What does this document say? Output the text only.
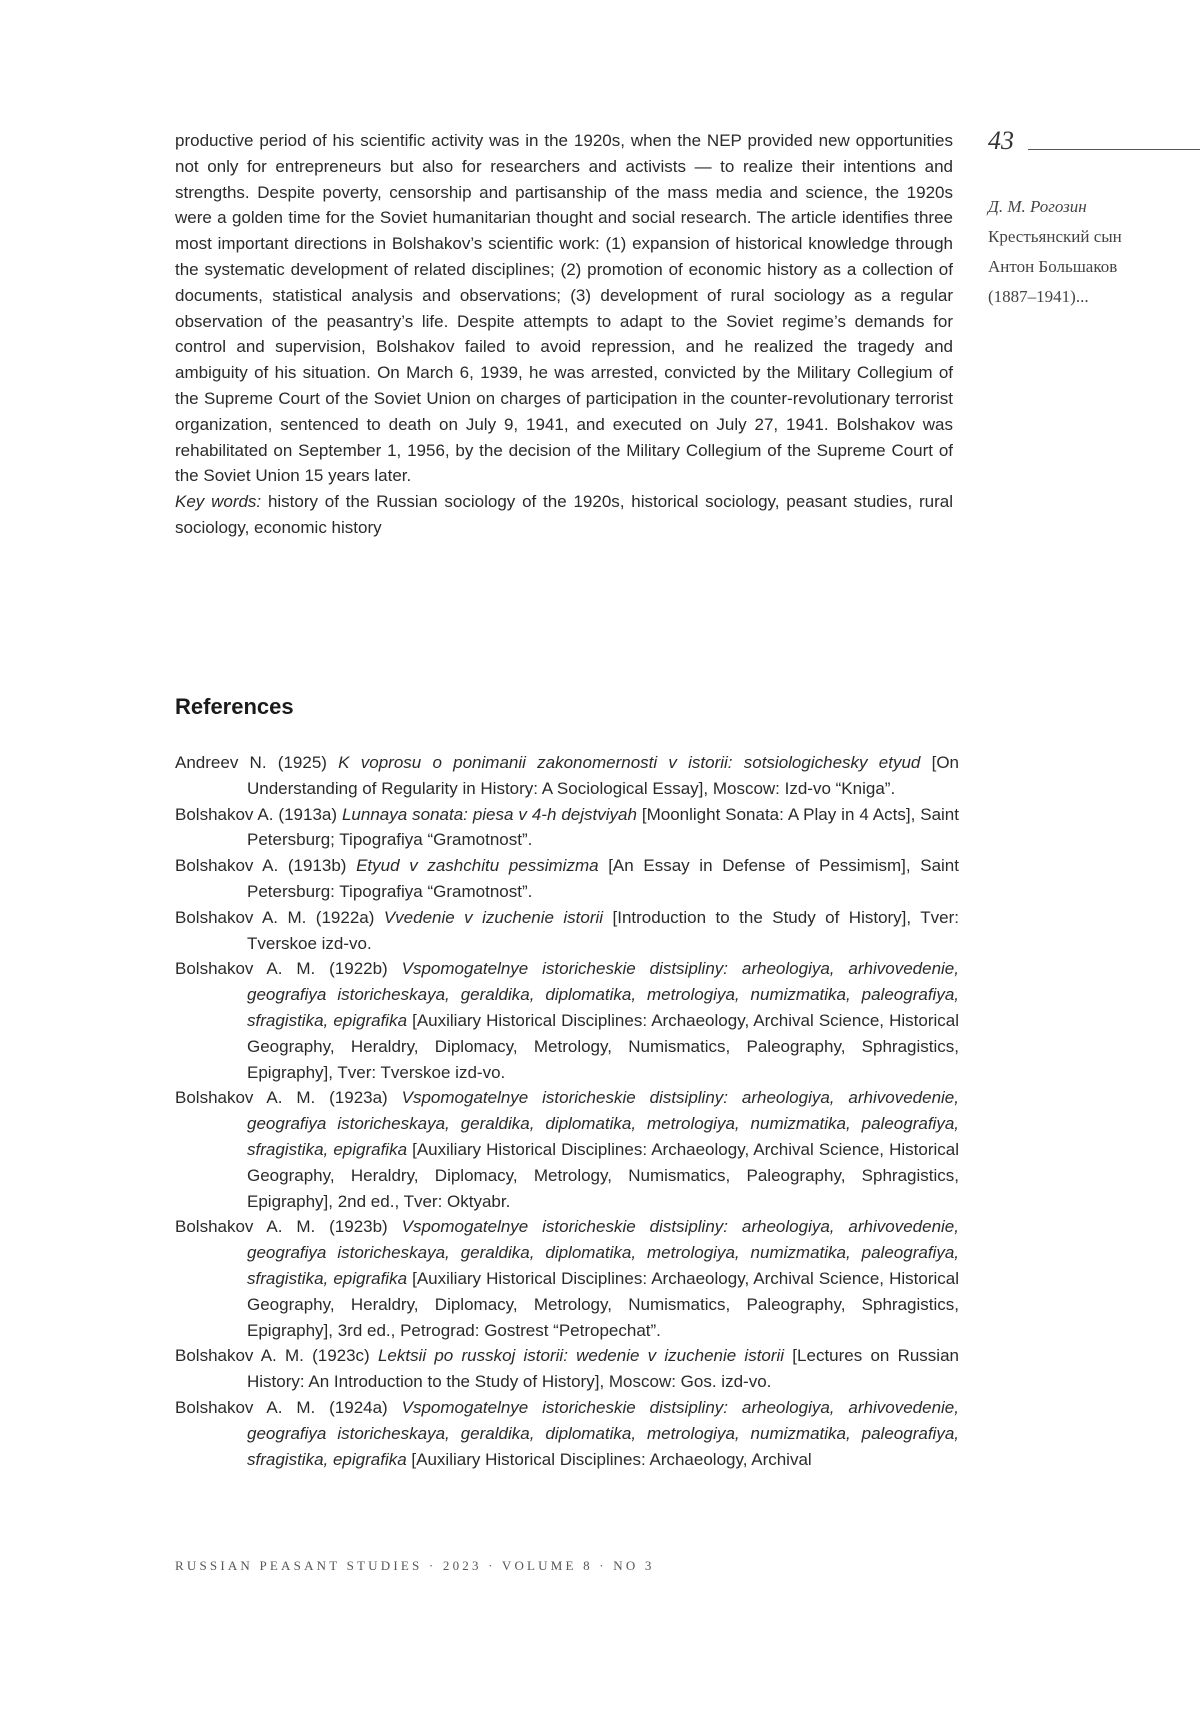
43
Д. М. Рогозин
Крестьянский сын
Антон Большаков
(1887–1941)...

productive period of his scientific activity was in the 1920s, when the NEP provided new opportunities not only for entrepreneurs but also for researchers and activists — to realize their intentions and strengths. Despite poverty, censorship and partisanship of the mass media and science, the 1920s were a golden time for the Soviet humanitarian thought and social research. The article identifies three most important directions in Bolshakov’s scientific work: (1) expansion of historical knowledge through the systematic development of related disciplines; (2) promotion of economic history as a collection of documents, statistical analysis and observations; (3) development of rural sociology as a regular observation of the peasantry’s life. Despite attempts to adapt to the Soviet regime’s demands for control and supervision, Bolshakov failed to avoid repression, and he realized the tragedy and ambiguity of his situation. On March 6, 1939, he was arrested, convicted by the Military Collegium of the Supreme Court of the Soviet Union on charges of participation in the counter-revolutionary terrorist organization, sentenced to death on July 9, 1941, and executed on July 27, 1941. Bolshakov was rehabilitated on September 1, 1956, by the decision of the Military Collegium of the Supreme Court of the Soviet Union 15 years later.

Key words: history of the Russian sociology of the 1920s, historical sociology, peasant studies, rural sociology, economic history

References

Andreev N. (1925) K voprosu o ponimanii zakonomernosti v istorii: sotsiologichesky etyud [On Understanding of Regularity in History: A Sociological Essay], Moscow: Izd-vo “Kniga”.

Bolshakov A. (1913a) Lunnaya sonata: piesa v 4-h dejstviyah [Moonlight Sonata: A Play in 4 Acts], Saint Petersburg; Tipografiya “Gramotnost”.

Bolshakov A. (1913b) Etyud v zashchitu pessimizma [An Essay in Defense of Pessimism], Saint Petersburg: Tipografiya “Gramotnost”.

Bolshakov A. M. (1922a) Vvedenie v izuchenie istorii [Introduction to the Study of History], Tver: Tverskoe izd-vo.

Bolshakov A. M. (1922b) Vspomogatelnye istoricheskie distsipliny: arheologiya, arhivovedenie, geografiya istoricheskaya, geraldika, diplomatika, metrologiya, numizmatika, paleografiya, sfragistika, epigrafika [Auxiliary Historical Disciplines: Archaeology, Archival Science, Historical Geography, Heraldry, Diplomacy, Metrology, Numismatics, Paleography, Sphragistics, Epigraphy], Tver: Tverskoe izd-vo.

Bolshakov A. M. (1923a) Vspomogatelnye istoricheskie distsipliny: arheologiya, arhivovedenie, geografiya istoricheskaya, geraldika, diplomatika, metrologiya, numizmatika, paleografiya, sfragistika, epigrafika [Auxiliary Historical Disciplines: Archaeology, Archival Science, Historical Geography, Heraldry, Diplomacy, Metrology, Numismatics, Paleography, Sphragistics, Epigraphy], 2nd ed., Tver: Oktyabr.

Bolshakov A. M. (1923b) Vspomogatelnye istoricheskie distsipliny: arheologiya, arhivovedenie, geografiya istoricheskaya, geraldika, diplomatika, metrologiya, numizmatika, paleografiya, sfragistika, epigrafika [Auxiliary Historical Disciplines: Archaeology, Archival Science, Historical Geography, Heraldry, Diplomacy, Metrology, Numismatics, Paleography, Sphragistics, Epigraphy], 3rd ed., Petrograd: Gostrest “Petropechat”.

Bolshakov A. M. (1923c) Lektsii po russkoj istorii: wedenie v izuchenie istorii [Lectures on Russian History: An Introduction to the Study of History], Moscow: Gos. izd-vo.

Bolshakov A. M. (1924a) Vspomogatelnye istoricheskie distsipliny: arheologiya, arhivovedenie, geografiya istoricheskaya, geraldika, diplomatika, metrologiya, numizmatika, paleografiya, sfragistika, epigrafika [Auxiliary Historical Disciplines: Archaeology, Archival

RUSSIAN PEASANT STUDIES · 2023 · VOLUME 8 · NO 3
